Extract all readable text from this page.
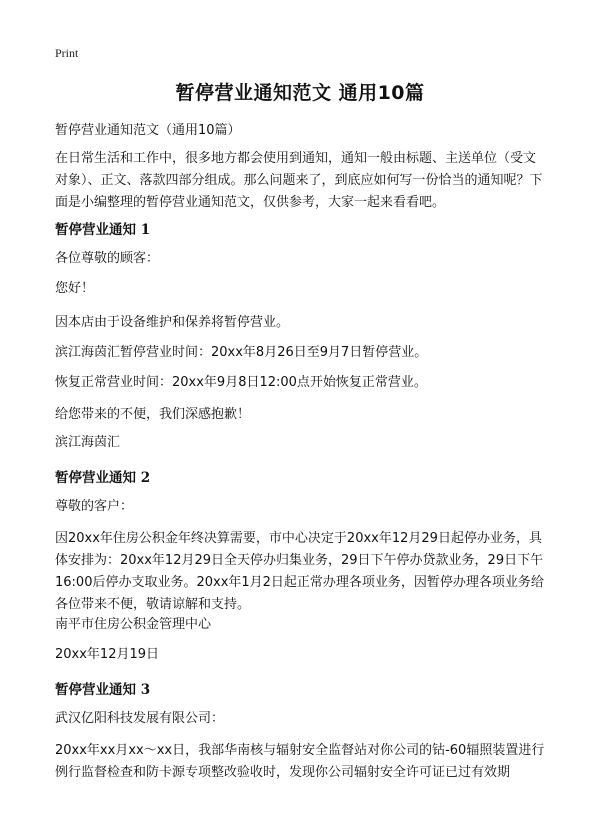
Print
暂停营业通知范文 通用10篇

暂停营业通知范文（通用10篇）

在日常生活和工作中，很多地方都会使用到通知，通知一般由标题、主送单位（受文对象）、正文、落款四部分组成。那么问题来了，到底应如何写一份恰当的通知呢？下面是小编整理的暂停营业通知范文，仅供参考，大家一起来看看吧。

暂停营业通知 1

各位尊敬的顾客：

您好！

因本店由于设备维护和保养将暂停营业。

滨江海茵汇暂停营业时间：20xx年8月26日至9月7日暂停营业。

恢复正常营业时间：20xx年9月8日12:00点开始恢复正常营业。

给您带来的不便，我们深感抱歉！

滨江海茵汇

暂停营业通知 2

尊敬的客户：

因20xx年住房公积金年终决算需要，市中心决定于20xx年12月29日起停办业务，具体安排为：20xx年12月29日全天停办归集业务，29日下午停办贷款业务，29日下午16:00后停办支取业务。20xx年1月2日起正常办理各项业务，因暂停办理各项业务给各位带来不便，敬请谅解和支持。

南平市住房公积金管理中心

20xx年12月19日

暂停营业通知 3

武汉亿阳科技发展有限公司：

20xx年xx月xx～xx日，我部华南核与辐射安全监督站对你公司的钴-60辐照装置进行例行监督检查和防卡源专项整改验收时，发现你公司辐射安全许可证已过有效期
